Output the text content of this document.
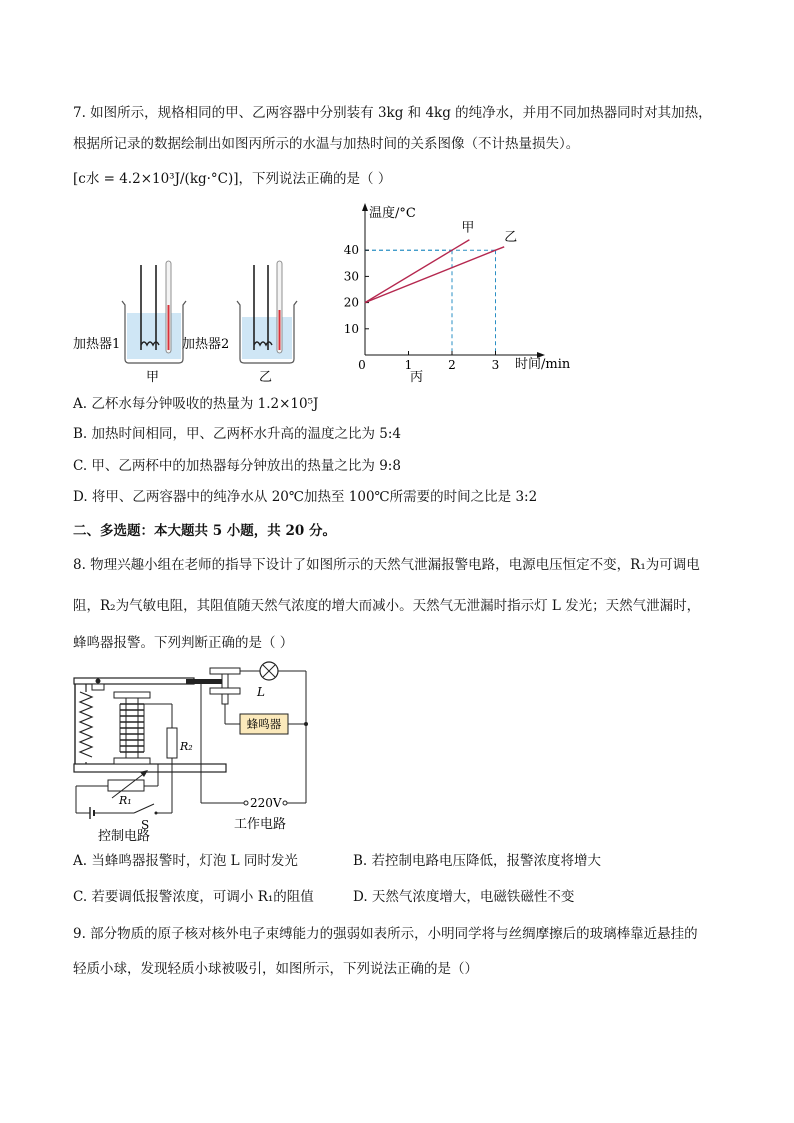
7. 如图所示，规格相同的甲、乙两容器中分别装有 3kg 和 4kg 的纯净水，并用不同加热器同时对其加热，
根据所记录的数据绘制出如图丙所示的水温与加热时间的关系图像（不计热量损失）。
[c水 = 4.2×10³J/(kg·°C)]，下列说法正确的是（ ）
加热器1	加热器2
甲	乙
温度/°C
时间/min
丙
0	1	2	3
10
20
30
40
甲
乙
A. 乙杯水每分钟吸收的热量为 1.2×10⁵J
B. 加热时间相同，甲、乙两杯水升高的温度之比为 5:4
C. 甲、乙两杯中的加热器每分钟放出的热量之比为 9:8
D. 将甲、乙两容器中的纯净水从 20℃加热至 100℃所需要的时间之比是 3:2
二、多选题：本大题共 5 小题，共 20 分。
8. 物理兴趣小组在老师的指导下设计了如图所示的天然气泄漏报警电路，电源电压恒定不变，R₁为可调电
阻，R₂为气敏电阻，其阻值随天然气浓度的增大而减小。天然气无泄漏时指示灯 L 发光；天然气泄漏时，
蜂鸣器报警。下列判断正确的是（ ）
R₂
R₁
S
控制电路
L
蜂鸣器
220V
工作电路
A. 当蜂鸣器报警时，灯泡 L 同时发光	B. 若控制电路电压降低，报警浓度将增大
C. 若要调低报警浓度，可调小 R₁的阻值	D. 天然气浓度增大，电磁铁磁性不变
9. 部分物质的原子核对核外电子束缚能力的强弱如表所示，小明同学将与丝绸摩擦后的玻璃棒靠近悬挂的
轻质小球，发现轻质小球被吸引，如图所示，下列说法正确的是（）
